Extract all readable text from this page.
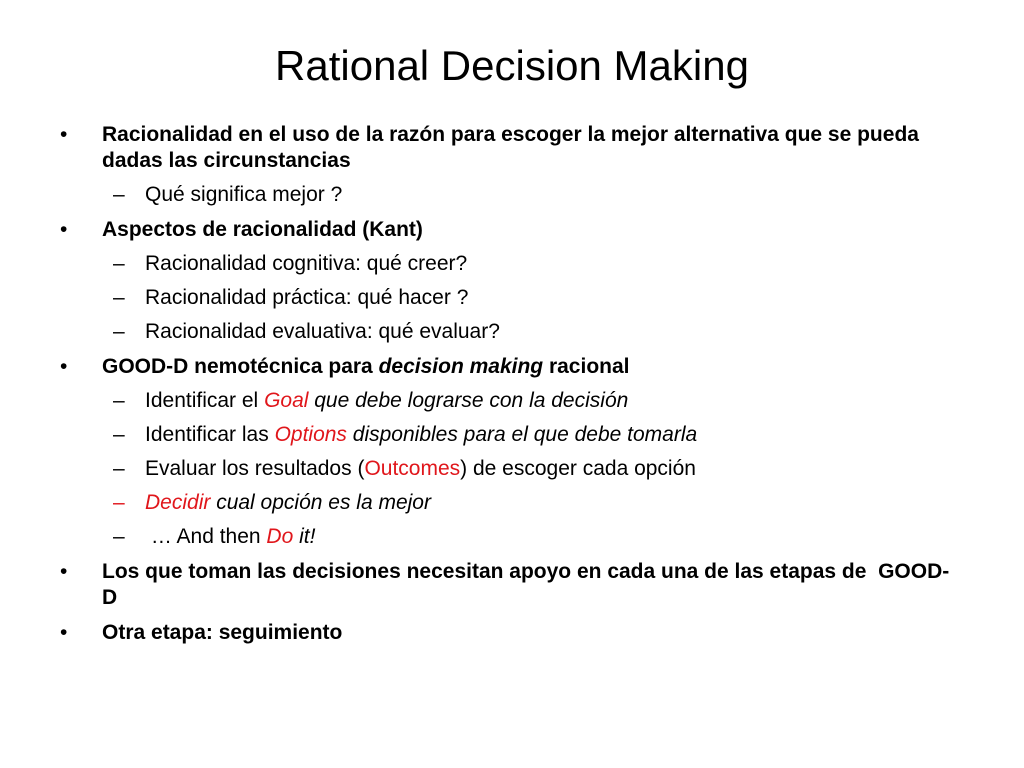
Rational Decision Making
• Racionalidad en el uso de la razón para escoger la mejor alternativa que se pueda dadas las circunstancias
– Qué significa mejor ?
• Aspectos de racionalidad (Kant)
– Racionalidad cognitiva: qué creer?
– Racionalidad práctica: qué hacer ?
– Racionalidad evaluativa: qué evaluar?
• GOOD-D nemotécnica para decision making racional
– Identificar el Goal que debe lograrse con la decisión
– Identificar las Options disponibles para el que debe tomarla
– Evaluar los resultados (Outcomes) de escoger cada opción
– Decidir cual opción es la mejor
– … And then Do it!
• Los que toman las decisiones necesitan apoyo en cada una de las etapas de  GOOD-D
• Otra etapa: seguimiento
